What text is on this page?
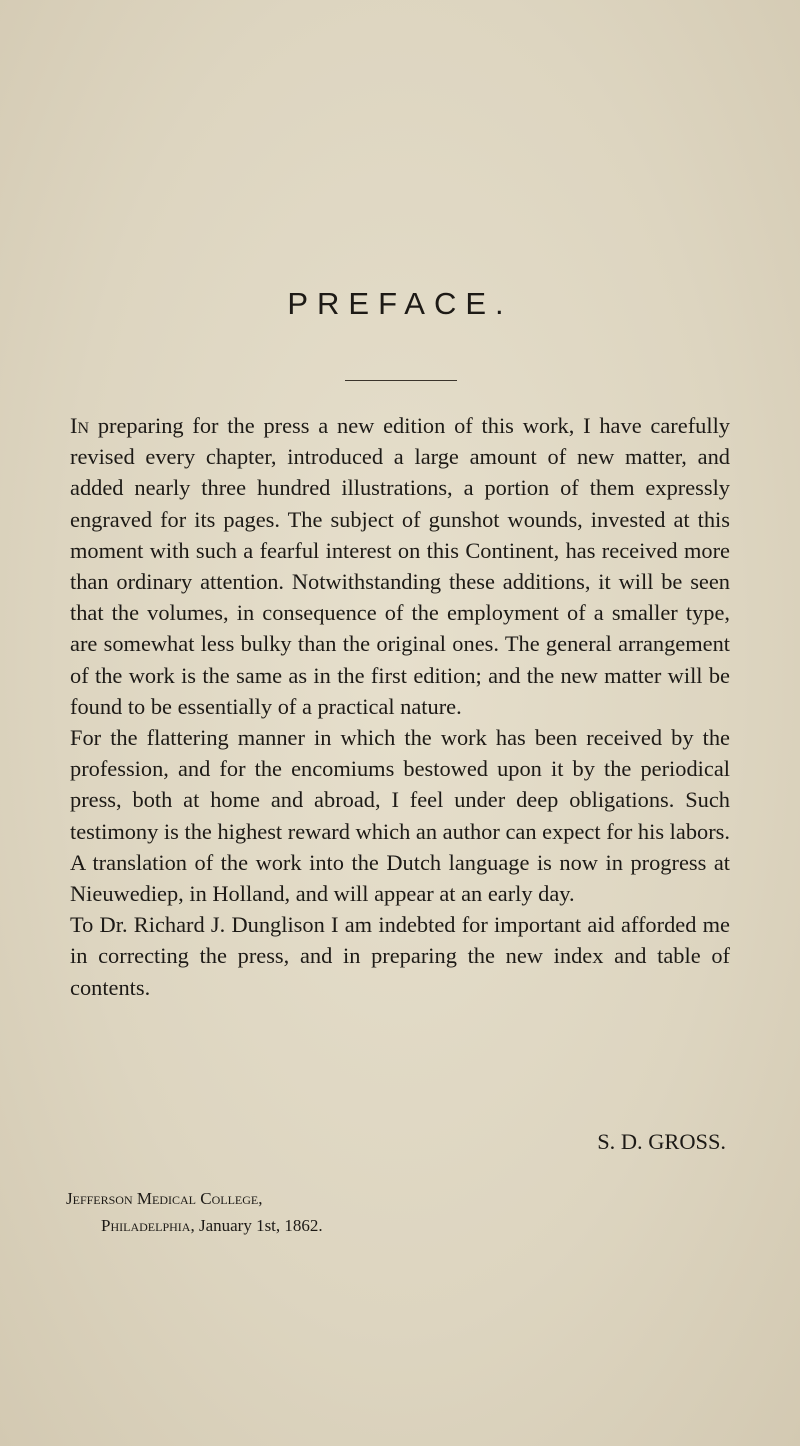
PREFACE.

In preparing for the press a new edition of this work, I have carefully revised every chapter, introduced a large amount of new matter, and added nearly three hundred illustrations, a portion of them expressly engraved for its pages. The subject of gunshot wounds, invested at this moment with such a fearful interest on this Continent, has received more than ordinary attention. Notwithstanding these additions, it will be seen that the volumes, in consequence of the employment of a smaller type, are somewhat less bulky than the original ones. The general arrangement of the work is the same as in the first edition; and the new matter will be found to be essentially of a practical nature.

For the flattering manner in which the work has been received by the profession, and for the encomiums bestowed upon it by the periodical press, both at home and abroad, I feel under deep obligations. Such testimony is the highest reward which an author can expect for his labors. A translation of the work into the Dutch language is now in progress at Nieuwediep, in Holland, and will appear at an early day.

To Dr. Richard J. Dunglison I am indebted for important aid afforded me in correcting the press, and in preparing the new index and table of contents.

S. D. GROSS.
Jefferson Medical College,
Philadelphia, January 1st, 1862.
